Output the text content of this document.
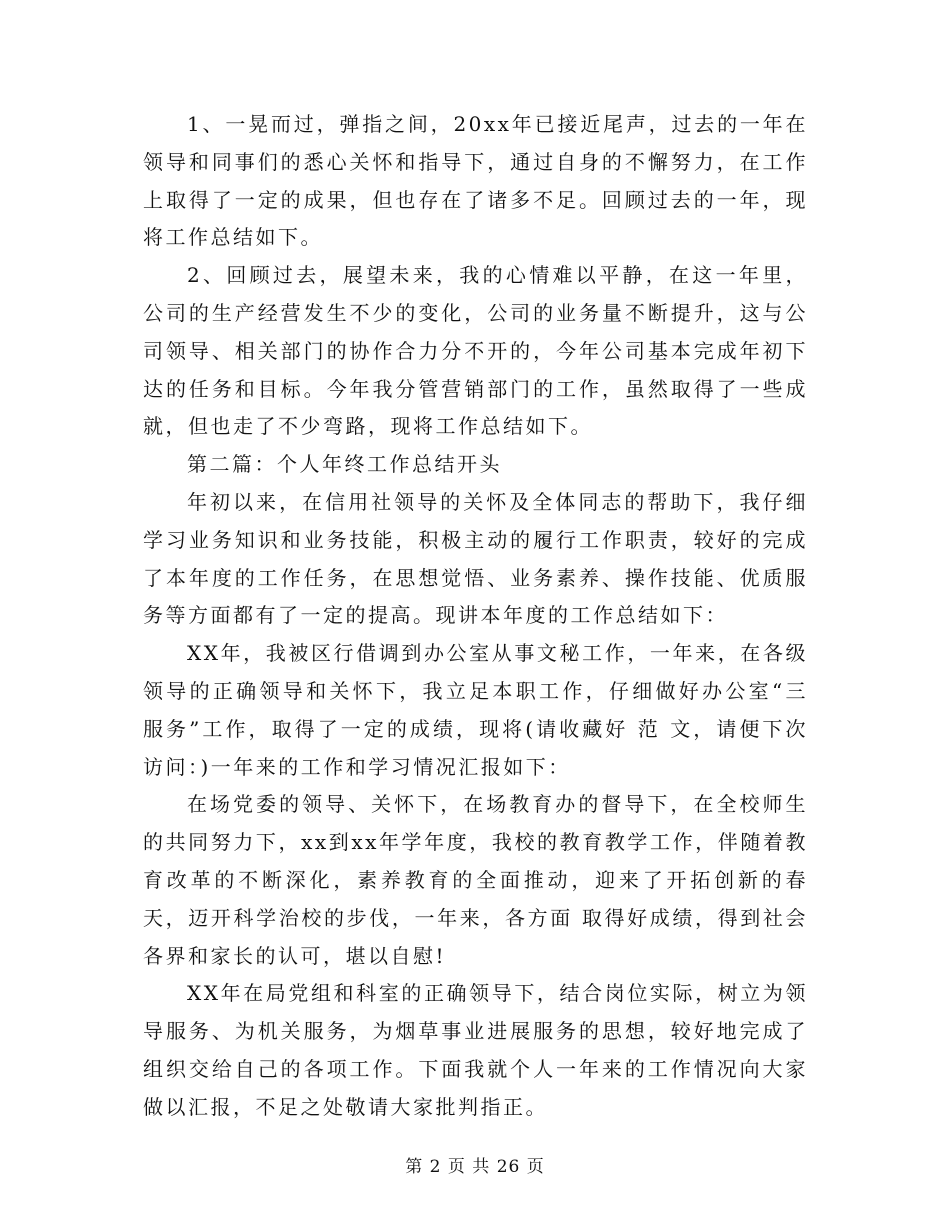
1、一晃而过，弹指之间，20xx年已接近尾声，过去的一年在领导和同事们的悉心关怀和指导下，通过自身的不懈努力，在工作上取得了一定的成果，但也存在了诸多不足。回顾过去的一年，现将工作总结如下。

2、回顾过去，展望未来，我的心情难以平静，在这一年里，公司的生产经营发生不少的变化，公司的业务量不断提升，这与公司领导、相关部门的协作合力分不开的，今年公司基本完成年初下达的任务和目标。今年我分管营销部门的工作，虽然取得了一些成就，但也走了不少弯路，现将工作总结如下。

第二篇：个人年终工作总结开头

年初以来，在信用社领导的关怀及全体同志的帮助下，我仔细学习业务知识和业务技能，积极主动的履行工作职责，较好的完成了本年度的工作任务，在思想觉悟、业务素养、操作技能、优质服务等方面都有了一定的提高。现讲本年度的工作总结如下：

XX年，我被区行借调到办公室从事文秘工作，一年来，在各级领导的正确领导和关怀下，我立足本职工作，仔细做好办公室“三服务”工作，取得了一定的成绩，现将(请收藏好 范 文，请便下次访问：)一年来的工作和学习情况汇报如下：

在场党委的领导、关怀下，在场教育办的督导下，在全校师生的共同努力下，xx到xx年学年度，我校的教育教学工作，伴随着教育改革的不断深化，素养教育的全面推动，迎来了开拓创新的春天，迈开科学治校的步伐，一年来，各方面 取得好成绩，得到社会各界和家长的认可，堪以自慰!

XX年在局党组和科室的正确领导下，结合岗位实际，树立为领导服务、为机关服务，为烟草事业进展服务的思想，较好地完成了组织交给自己的各项工作。下面我就个人一年来的工作情况向大家做以汇报，不足之处敬请大家批判指正。

第 2 页 共 26 页
